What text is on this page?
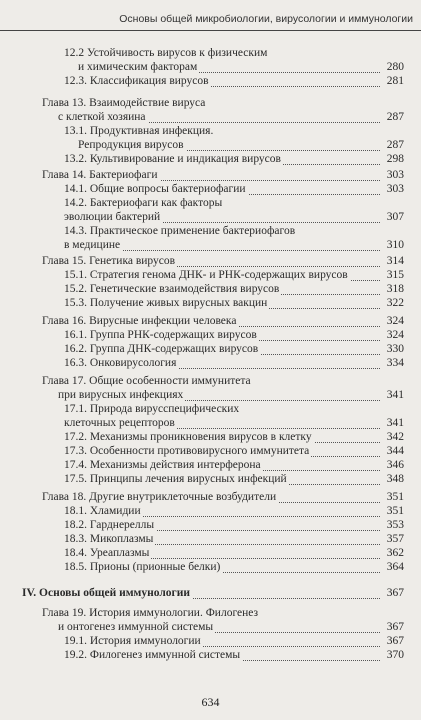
Основы общей микробиологии, вирусологии и иммунологии
12.2 Устойчивость вирусов к физическим
и химическим факторам	280
12.3. Классификация вирусов	281
Глава 13. Взаимодействие вируса
с клеткой хозяина	287
13.1. Продуктивная инфекция.
Репродукция вирусов	287
13.2. Культивирование и индикация вирусов	298
Глава 14. Бактериофаги	303
14.1. Общие вопросы бактериофагии	303
14.2. Бактериофаги как факторы
эволюции бактерий	307
14.3. Практическое применение бактериофагов
в медицине	310
Глава 15. Генетика вирусов	314
15.1. Стратегия генома ДНК- и РНК-содержащих вирусов	315
15.2. Генетические взаимодействия вирусов	318
15.3. Получение живых вирусных вакцин	322
Глава 16. Вирусные инфекции человека	324
16.1. Группа РНК-содержащих вирусов	324
16.2. Группа ДНК-содержащих вирусов	330
16.3. Онковирусология	334
Глава 17. Общие особенности иммунитета
при вирусных инфекциях	341
17.1. Природа вирусспецифических
клеточных рецепторов	341
17.2. Механизмы проникновения вирусов в клетку	342
17.3. Особенности противовирусного иммунитета	344
17.4. Механизмы действия интерферона	346
17.5. Принципы лечения вирусных инфекций	348
Глава 18. Другие внутриклеточные возбудители	351
18.1. Хламидии	351
18.2. Гарднереллы	353
18.3. Микоплазмы	357
18.4. Уреаплазмы	362
18.5. Прионы (прионные белки)	364
IV. Основы общей иммунологии	367
Глава 19. История иммунологии. Филогенез
и онтогенез иммунной системы	367
19.1. История иммунологии	367
19.2. Филогенез иммунной системы	370
634
